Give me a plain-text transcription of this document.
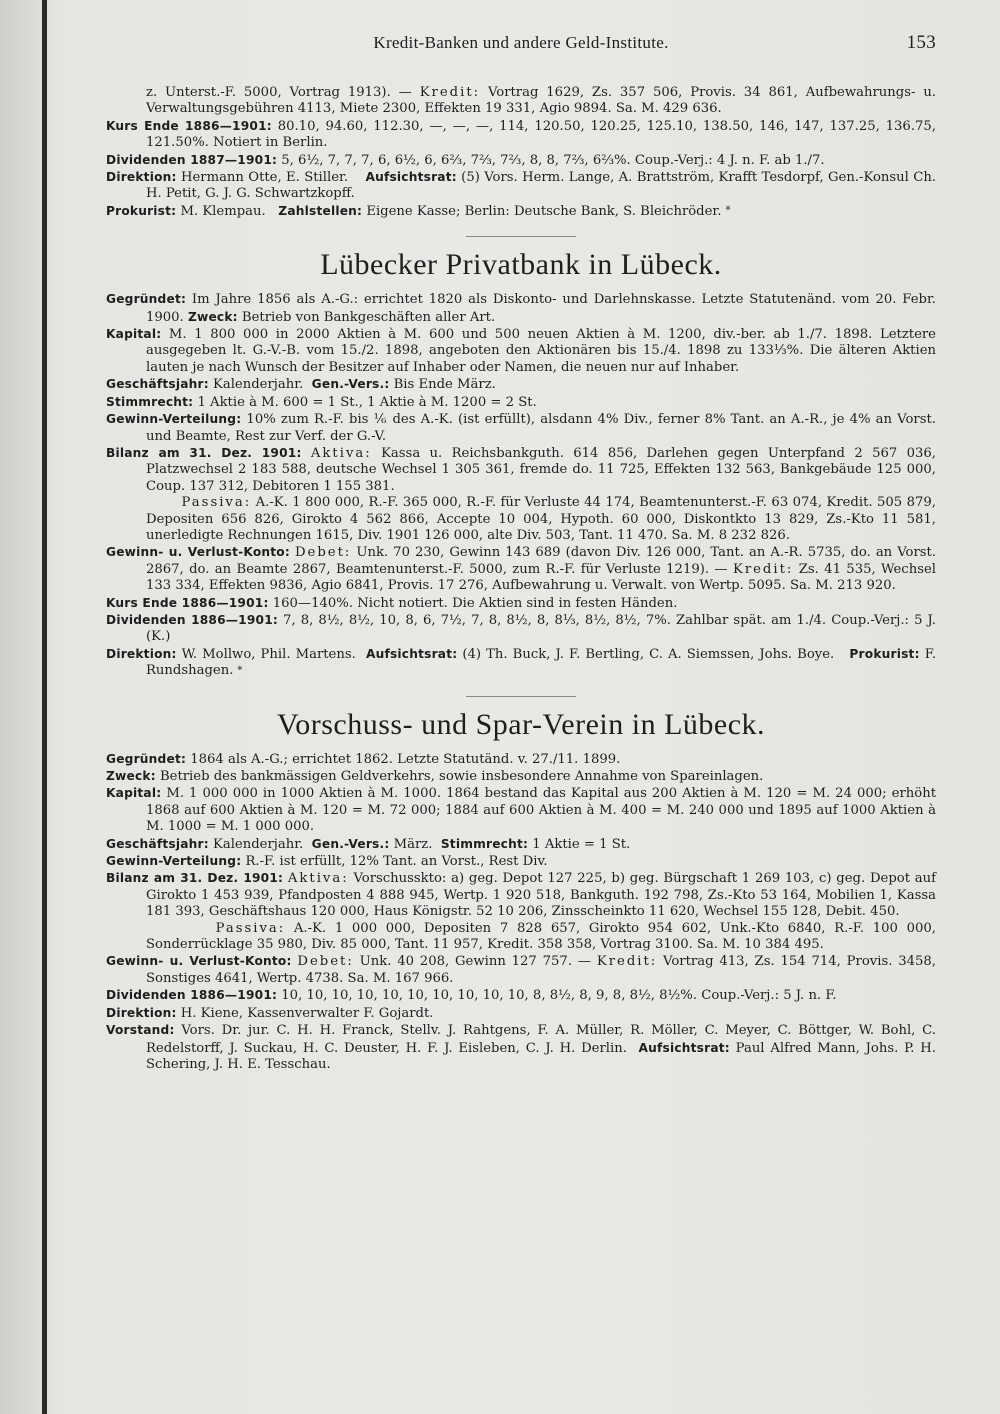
Kredit-Banken und andere Geld-Institute.	153

z. Unterst.-F. 5000, Vortrag 1913). — Kredit: Vortrag 1629, Zs. 357 506, Provis. 34 861, Aufbewahrungs- u. Verwaltungsgebühren 4113, Miete 2300, Effekten 19 331, Agio 9894. Sa. M. 429 636.

Kurs Ende 1886—1901: 80.10, 94.60, 112.30, —, —, —, 114, 120.50, 120.25, 125.10, 138.50, 146, 147, 137.25, 136.75, 121.50%. Notiert in Berlin.

Dividenden 1887—1901: 5, 6½, 7, 7, 7, 6, 6½, 6, 6⅔, 7⅔, 7⅔, 8, 8, 7⅔, 6⅔%. Coup.-Verj.: 4 J. n. F. ab 1./7.

Direktion: Hermann Otte, E. Stiller. Aufsichtsrat: (5) Vors. Herm. Lange, A. Brattström, Krafft Tesdorpf, Gen.-Konsul Ch. H. Petit, G. J. G. Schwartzkopff.

Prokurist: M. Klempau. Zahlstellen: Eigene Kasse; Berlin: Deutsche Bank, S. Bleichröder. *

Lübecker Privatbank in Lübeck.

Gegründet: Im Jahre 1856 als A.-G.: errichtet 1820 als Diskonto- und Darlehnskasse. Letzte Statutenänd. vom 20. Febr. 1900. Zweck: Betrieb von Bankgeschäften aller Art.

Kapital: M. 1 800 000 in 2000 Aktien à M. 600 und 500 neuen Aktien à M. 1200, div.-ber. ab 1./7. 1898. Letztere ausgegeben lt. G.-V.-B. vom 15./2. 1898, angeboten den Aktionären bis 15./4. 1898 zu 133⅓%. Die älteren Aktien lauten je nach Wunsch der Besitzer auf Inhaber oder Namen, die neuen nur auf Inhaber.

Geschäftsjahr: Kalenderjahr. Gen.-Vers.: Bis Ende März.

Stimmrecht: 1 Aktie à M. 600 = 1 St., 1 Aktie à M. 1200 = 2 St.

Gewinn-Verteilung: 10% zum R.-F. bis ⅙ des A.-K. (ist erfüllt), alsdann 4% Div., ferner 8% Tant. an A.-R., je 4% an Vorst. und Beamte, Rest zur Verf. der G.-V.

Bilanz am 31. Dez. 1901: Aktiva: Kassa u. Reichsbankguth. 614 856, Darlehen gegen Unterpfand 2 567 036, Platzwechsel 2 183 588, deutsche Wechsel 1 305 361, fremde do. 11 725, Effekten 132 563, Bankgebäude 125 000, Coup. 137 312, Debitoren 1 155 381.

Passiva: A.-K. 1 800 000, R.-F. 365 000, R.-F. für Verluste 44 174, Beamtenunterst.-F. 63 074, Kredit. 505 879, Depositen 656 826, Girokto 4 562 866, Accepte 10 004, Hypoth. 60 000, Diskontkto 13 829, Zs.-Kto 11 581, unerledigte Rechnungen 1615, Div. 1901 126 000, alte Div. 503, Tant. 11 470. Sa. M. 8 232 826.

Gewinn- u. Verlust-Konto: Debet: Unk. 70 230, Gewinn 143 689 (davon Div. 126 000, Tant. an A.-R. 5735, do. an Vorst. 2867, do. an Beamte 2867, Beamtenunterst.-F. 5000, zum R.-F. für Verluste 1219). — Kredit: Zs. 41 535, Wechsel 133 334, Effekten 9836, Agio 6841, Provis. 17 276, Aufbewahrung u. Verwalt. von Wertp. 5095. Sa. M. 213 920.

Kurs Ende 1886—1901: 160—140%. Nicht notiert. Die Aktien sind in festen Händen.

Dividenden 1886—1901: 7, 8, 8½, 8½, 10, 8, 6, 7½, 7, 8, 8½, 8, 8⅓, 8½, 8½, 7%. Zahlbar spät. am 1./4. Coup.-Verj.: 5 J. (K.)

Direktion: W. Mollwo, Phil. Martens. Aufsichtsrat: (4) Th. Buck, J. F. Bertling, C. A. Siemssen, Johs. Boye. Prokurist: F. Rundshagen. *

Vorschuss- und Spar-Verein in Lübeck.

Gegründet: 1864 als A.-G.; errichtet 1862. Letzte Statutänd. v. 27./11. 1899.

Zweck: Betrieb des bankmässigen Geldverkehrs, sowie insbesondere Annahme von Spareinlagen.

Kapital: M. 1 000 000 in 1000 Aktien à M. 1000. 1864 bestand das Kapital aus 200 Aktien à M. 120 = M. 24 000; erhöht 1868 auf 600 Aktien à M. 120 = M. 72 000; 1884 auf 600 Aktien à M. 400 = M. 240 000 und 1895 auf 1000 Aktien à M. 1000 = M. 1 000 000.

Geschäftsjahr: Kalenderjahr. Gen.-Vers.: März. Stimmrecht: 1 Aktie = 1 St.

Gewinn-Verteilung: R.-F. ist erfüllt, 12% Tant. an Vorst., Rest Div.

Bilanz am 31. Dez. 1901: Aktiva: Vorschusskto: a) geg. Depot 127 225, b) geg. Bürgschaft 1 269 103, c) geg. Depot auf Girokto 1 453 939, Pfandposten 4 888 945, Wertp. 1 920 518, Bankguth. 192 798, Zs.-Kto 53 164, Mobilien 1, Kassa 181 393, Geschäftshaus 120 000, Haus Königstr. 52 10 206, Zinsscheinkto 11 620, Wechsel 155 128, Debit. 450.

Passiva: A.-K. 1 000 000, Depositen 7 828 657, Girokto 954 602, Unk.-Kto 6840, R.-F. 100 000, Sonderrücklage 35 980, Div. 85 000, Tant. 11 957, Kredit. 358 358, Vortrag 3100. Sa. M. 10 384 495.

Gewinn- u. Verlust-Konto: Debet: Unk. 40 208, Gewinn 127 757. — Kredit: Vortrag 413, Zs. 154 714, Provis. 3458, Sonstiges 4641, Wertp. 4738. Sa. M. 167 966.

Dividenden 1886—1901: 10, 10, 10, 10, 10, 10, 10, 10, 10, 10, 8, 8½, 8, 9, 8, 8½, 8½%. Coup.-Verj.: 5 J. n. F.

Direktion: H. Kiene, Kassenverwalter F. Gojardt.

Vorstand: Vors. Dr. jur. C. H. H. Franck, Stellv. J. Rahtgens, F. A. Müller, R. Möller, C. Meyer, C. Böttger, W. Bohl, C. Redelstorff, J. Suckau, H. C. Deuster, H. F. J. Eisleben, C. J. H. Derlin. Aufsichtsrat: Paul Alfred Mann, Johs. P. H. Schering, J. H. E. Tesschau.
